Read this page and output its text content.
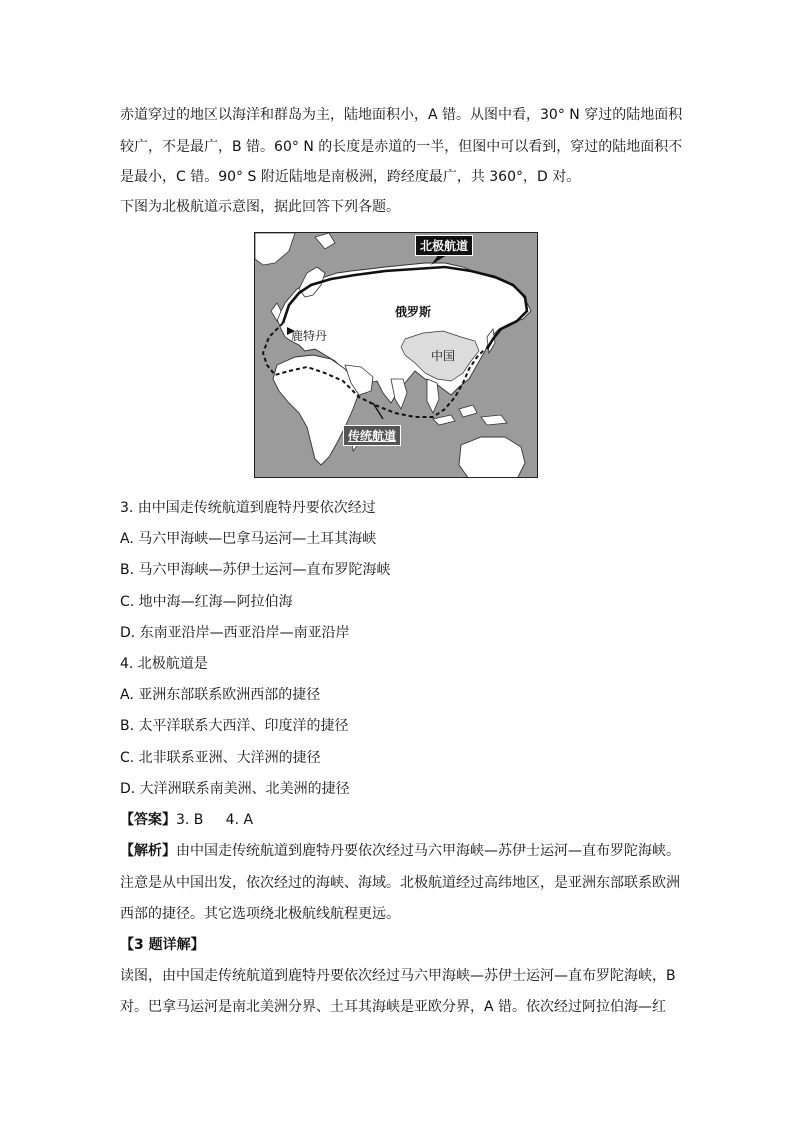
赤道穿过的地区以海洋和群岛为主，陆地面积小，A 错。从图中看，30° N 穿过的陆地面积
较广，不是最广，B 错。60° N 的长度是赤道的一半，但图中可以看到，穿过的陆地面积不
是最小，C 错。90° S 附近陆地是南极洲，跨经度最广，共 360°，D 对。
下图为北极航道示意图，据此回答下列各题。
北极航道
俄罗斯
中国
鹿特丹
传统航道
3. 由中国走传统航道到鹿特丹要依次经过
A. 马六甲海峡—巴拿马运河—土耳其海峡
B. 马六甲海峡—苏伊士运河—直布罗陀海峡
C. 地中海—红海—阿拉伯海
D. 东南亚沿岸—西亚沿岸—南亚沿岸
4. 北极航道是
A. 亚洲东部联系欧洲西部的捷径
B. 太平洋联系大西洋、印度洋的捷径
C. 北非联系亚洲、大洋洲的捷径
D. 大洋洲联系南美洲、北美洲的捷径
【答案】3. B     4. A
【解析】由中国走传统航道到鹿特丹要依次经过马六甲海峡—苏伊士运河—直布罗陀海峡。
注意是从中国出发，依次经过的海峡、海域。北极航道经过高纬地区，是亚洲东部联系欧洲
西部的捷径。其它选项绕北极航线航程更远。
【3 题详解】
读图，由中国走传统航道到鹿特丹要依次经过马六甲海峡—苏伊士运河—直布罗陀海峡，B
对。巴拿马运河是南北美洲分界、土耳其海峡是亚欧分界，A 错。依次经过阿拉伯海—红
